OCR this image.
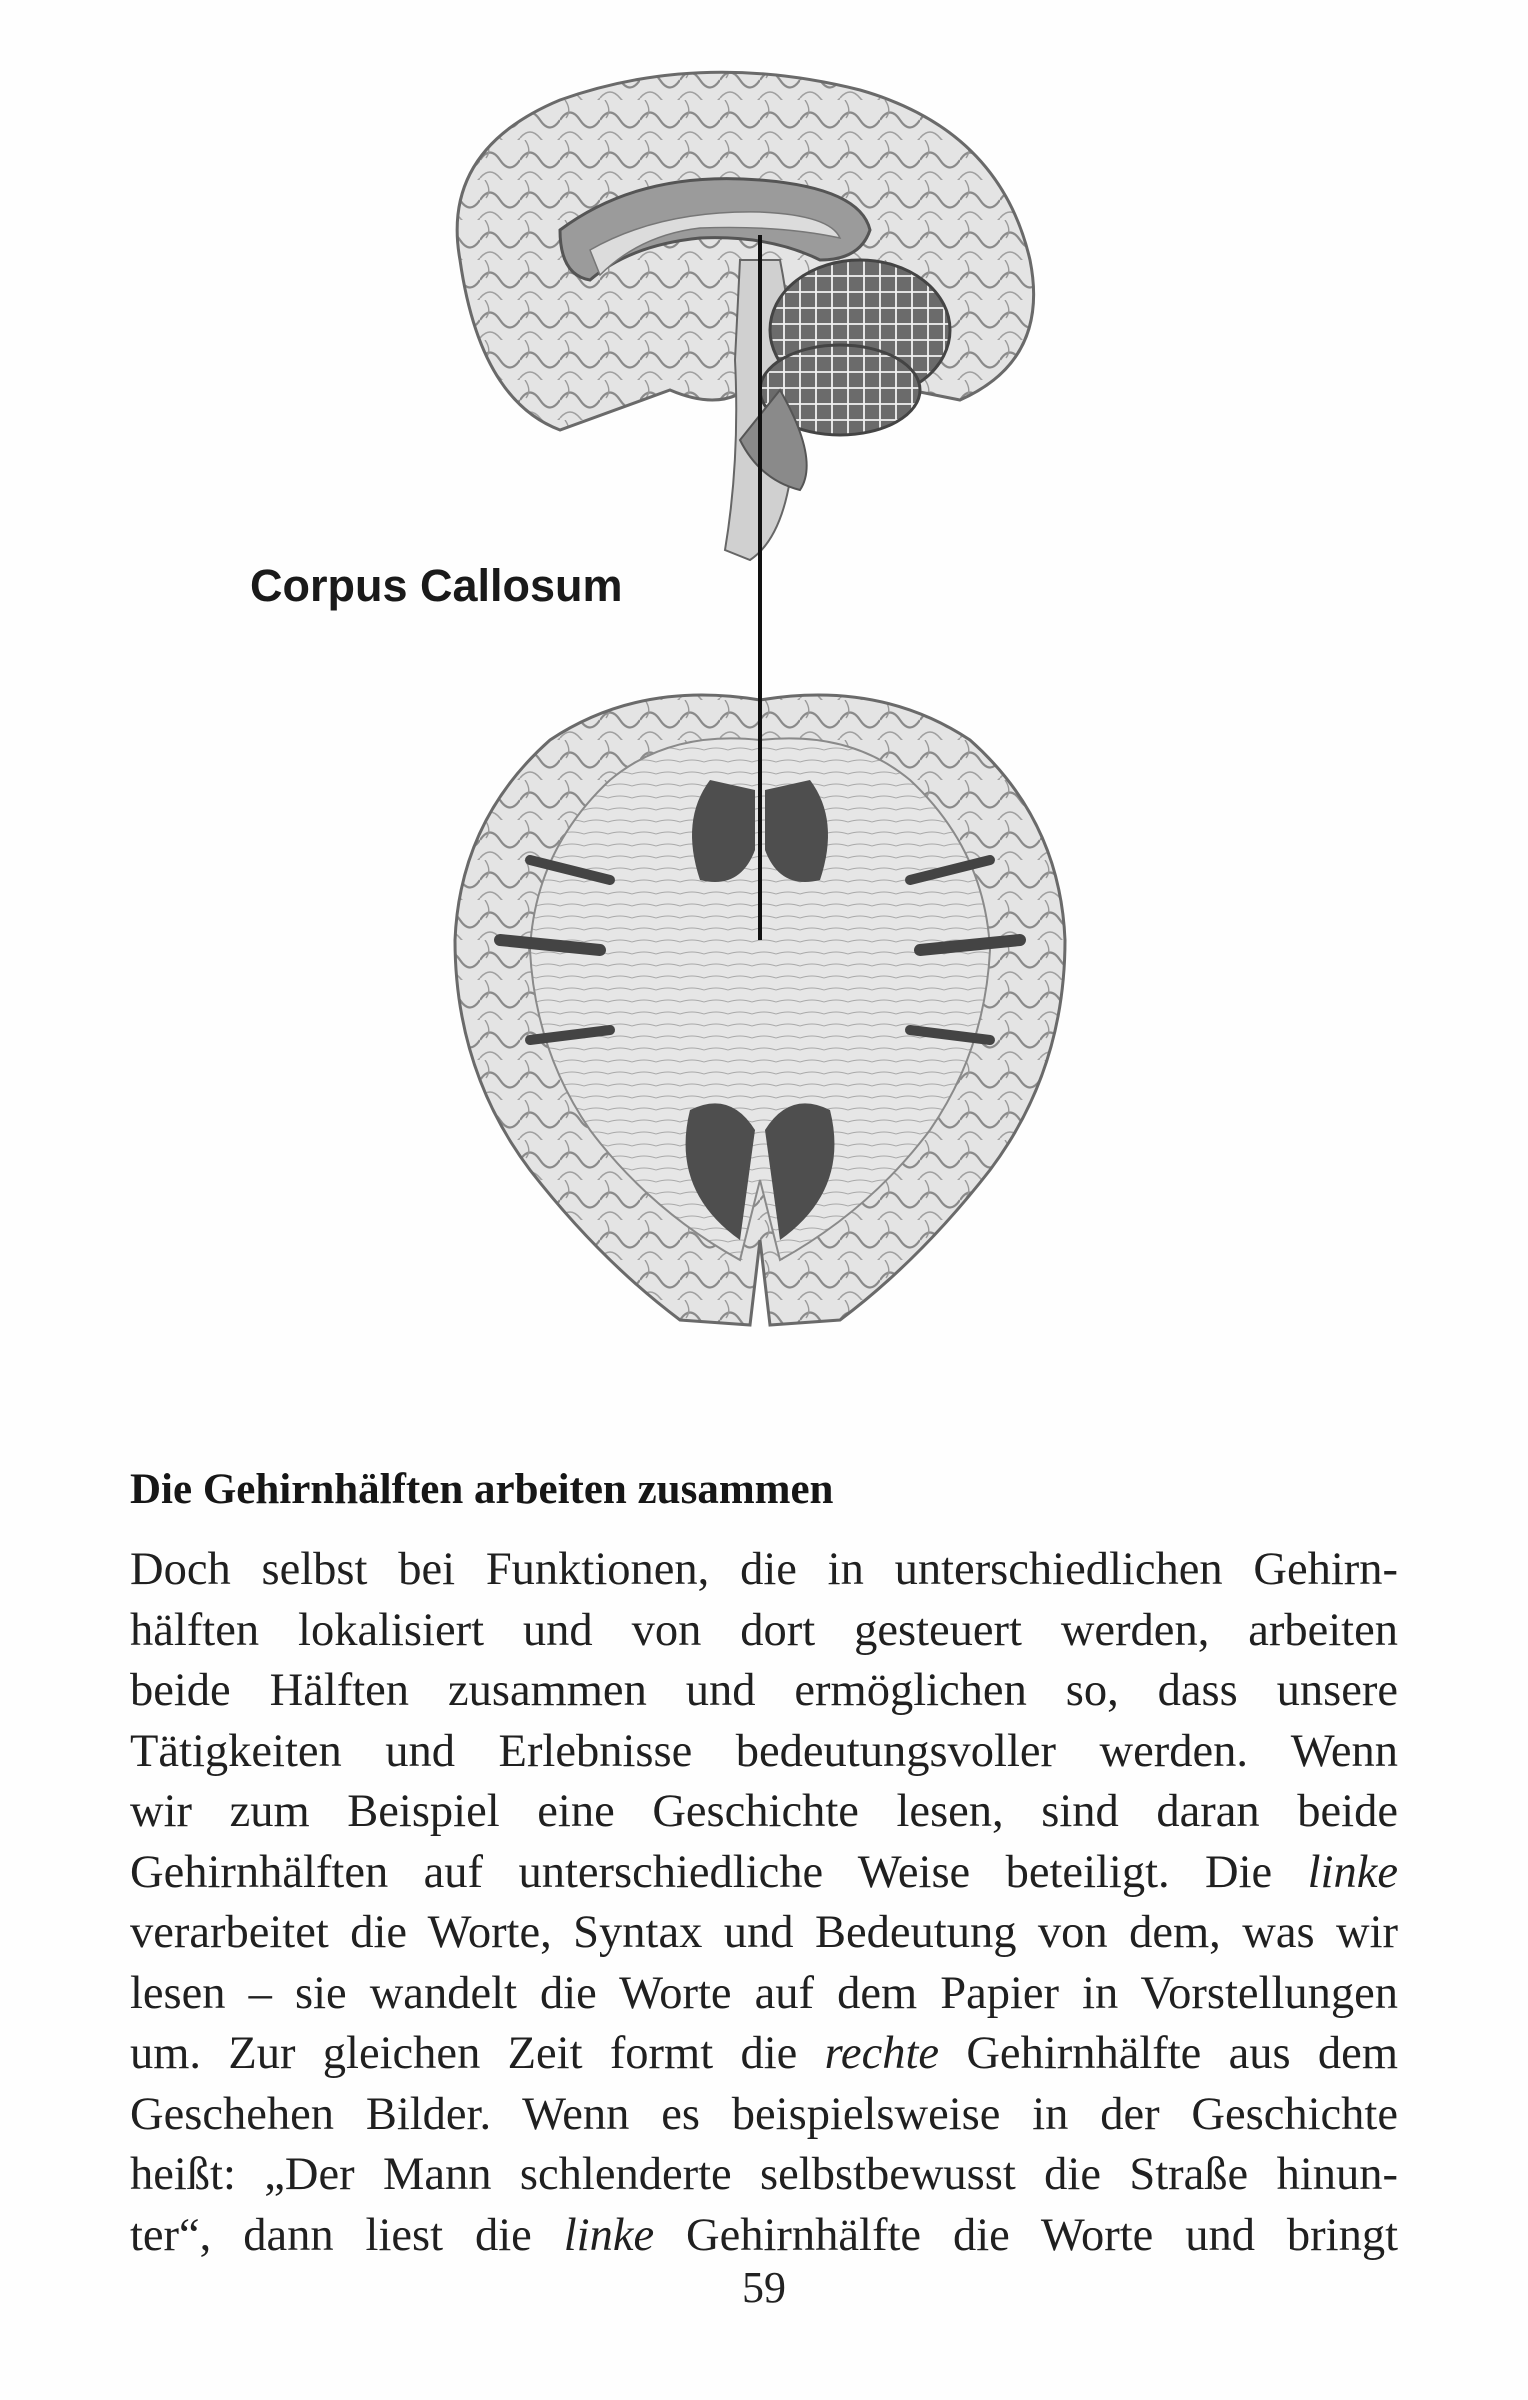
Corpus Callosum
Die Gehirnhälften arbeiten zusammen
Doch selbst bei Funktionen, die in unterschiedlichen Gehirn-
hälften lokalisiert und von dort gesteuert werden, arbeiten
beide Hälften zusammen und ermöglichen so, dass unsere
Tätigkeiten und Erlebnisse bedeutungsvoller werden. Wenn
wir zum Beispiel eine Geschichte lesen, sind daran beide
Gehirnhälften auf unterschiedliche Weise beteiligt. Die linke
verarbeitet die Worte, Syntax und Bedeutung von dem, was wir
lesen – sie wandelt die Worte auf dem Papier in Vorstellungen
um. Zur gleichen Zeit formt die rechte Gehirnhälfte aus dem
Geschehen Bilder. Wenn es beispielsweise in der Geschichte
heißt: „Der Mann schlenderte selbstbewusst die Straße hinun-
ter“, dann liest die linke Gehirnhälfte die Worte und bringt
59
